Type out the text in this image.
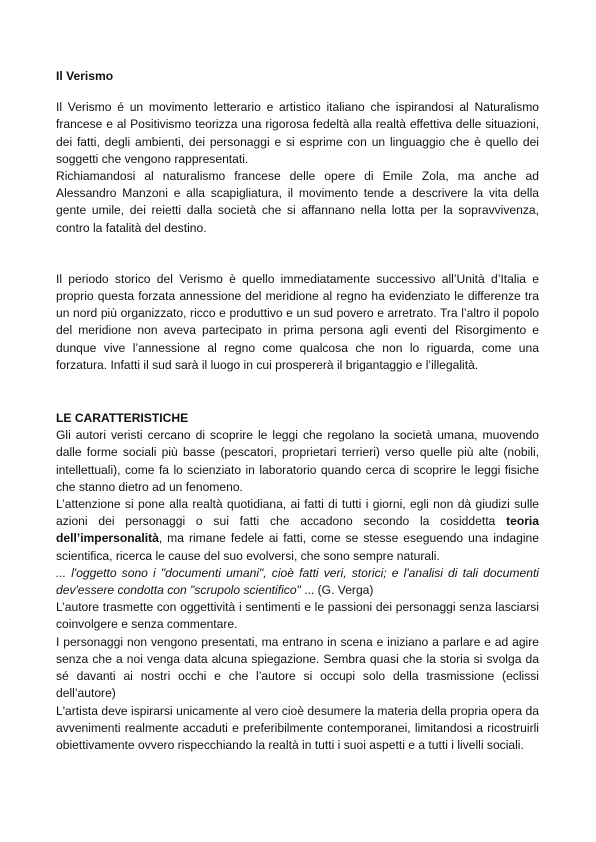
Il Verismo

Il Verismo é un movimento letterario e artistico italiano che ispirandosi al Naturalismo francese e al Positivismo teorizza una rigorosa fedeltà alla realtà effettiva delle situazioni, dei fatti, degli ambienti, dei personaggi e si esprime con un linguaggio che è quello dei soggetti che vengono rappresentati.

Richiamandosi al naturalismo francese delle opere di Emile Zola, ma anche ad Alessandro Manzoni e alla scapigliatura, il movimento tende a descrivere la vita della gente umile, dei reietti dalla società che si affannano nella lotta per la sopravvivenza, contro la fatalità del destino.

Il periodo storico del Verismo è quello immediatamente successivo all’Unità d’Italia e proprio questa forzata annessione del meridione al regno ha evidenziato le differenze tra un nord più organizzato, ricco e produttivo e un sud povero e arretrato. Tra l’altro il popolo del meridione non aveva partecipato in prima persona agli eventi del Risorgimento e dunque vive l’annessione al regno come qualcosa che non lo riguarda, come una forzatura. Infatti il sud sarà il luogo in cui prospererà il brigantaggio e l’illegalità.

LE CARATTERISTICHE

Gli autori veristi cercano di scoprire le leggi che regolano la società umana, muovendo dalle forme sociali più basse (pescatori, proprietari terrieri) verso quelle più alte (nobili, intellettuali), come fa lo scienziato in laboratorio quando cerca di scoprire le leggi fisiche che stanno dietro ad un fenomeno.

L’attenzione si pone alla realtà quotidiana, ai fatti di tutti i giorni, egli non dà giudizi sulle azioni dei personaggi o sui fatti che accadono secondo la cosiddetta teoria dell’impersonalità, ma rimane fedele ai fatti, come se stesse eseguendo una indagine scientifica, ricerca le cause del suo evolversi, che sono sempre naturali.

... l'oggetto sono i "documenti umani", cioè fatti veri, storici; e l'analisi di tali documenti dev'essere condotta con "scrupolo scientifico" ... (G. Verga)

L’autore trasmette con oggettività i sentimenti e le passioni dei personaggi senza lasciarsi coinvolgere e senza commentare.

I personaggi non vengono presentati, ma entrano in scena e iniziano a parlare e ad agire senza che a noi venga data alcuna spiegazione. Sembra quasi che la storia si svolga da sé davanti ai nostri occhi e che l’autore si occupi solo della trasmissione (eclissi dell’autore)

L'artista deve ispirarsi unicamente al vero cioè desumere la materia della propria opera da avvenimenti realmente accaduti e preferibilmente contemporanei, limitandosi a ricostruirli obiettivamente ovvero rispecchiando la realtà in tutti i suoi aspetti e a tutti i livelli sociali.
